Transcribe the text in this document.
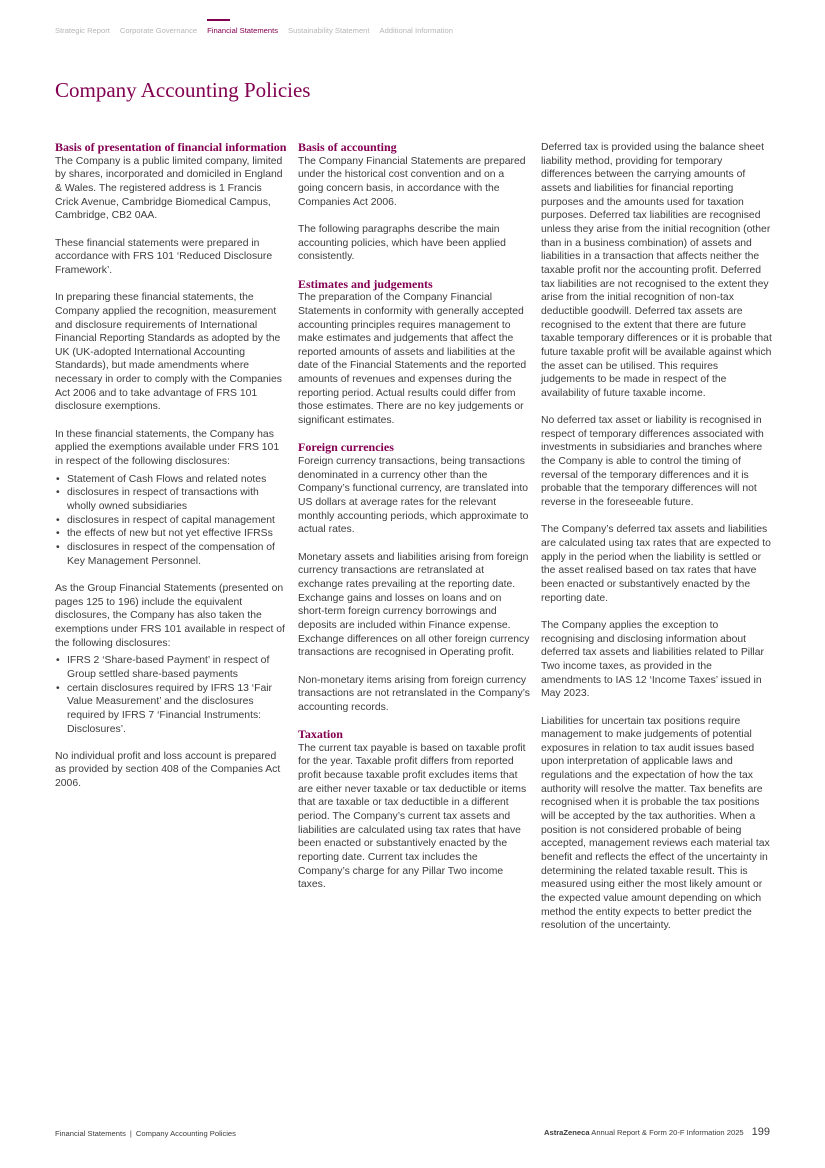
Strategic Report Corporate Governance Financial Statements Sustainability Statement Additional Information
Company Accounting Policies
Basis of presentation of financial information

The Company is a public limited company, limited by shares, incorporated and domiciled in England & Wales. The registered address is 1 Francis Crick Avenue, Cambridge Biomedical Campus, Cambridge, CB2 0AA.

These financial statements were prepared in accordance with FRS 101 ‘Reduced Disclosure Framework’.

In preparing these financial statements, the Company applied the recognition, measurement and disclosure requirements of International Financial Reporting Standards as adopted by the UK (UK-adopted International Accounting Standards), but made amendments where necessary in order to comply with the Companies Act 2006 and to take advantage of FRS 101 disclosure exemptions.

In these financial statements, the Company has applied the exemptions available under FRS 101 in respect of the following disclosures:

• Statement of Cash Flows and related notes
• disclosures in respect of transactions with wholly owned subsidiaries
• disclosures in respect of capital management
• the effects of new but not yet effective IFRSs
• disclosures in respect of the compensation of Key Management Personnel.

As the Group Financial Statements (presented on pages 125 to 196) include the equivalent disclosures, the Company has also taken the exemptions under FRS 101 available in respect of the following disclosures:

• IFRS 2 ‘Share-based Payment’ in respect of Group settled share-based payments
• certain disclosures required by IFRS 13 ‘Fair Value Measurement’ and the disclosures required by IFRS 7 ‘Financial Instruments: Disclosures’.

No individual profit and loss account is prepared as provided by section 408 of the Companies Act 2006.

Basis of accounting

The Company Financial Statements are prepared under the historical cost convention and on a going concern basis, in accordance with the Companies Act 2006.

The following paragraphs describe the main accounting policies, which have been applied consistently.

Estimates and judgements

The preparation of the Company Financial Statements in conformity with generally accepted accounting principles requires management to make estimates and judgements that affect the reported amounts of assets and liabilities at the date of the Financial Statements and the reported amounts of revenues and expenses during the reporting period. Actual results could differ from those estimates. There are no key judgements or significant estimates.

Foreign currencies

Foreign currency transactions, being transactions denominated in a currency other than the Company’s functional currency, are translated into US dollars at average rates for the relevant monthly accounting periods, which approximate to actual rates.

Monetary assets and liabilities arising from foreign currency transactions are retranslated at exchange rates prevailing at the reporting date. Exchange gains and losses on loans and on short-term foreign currency borrowings and deposits are included within Finance expense. Exchange differences on all other foreign currency transactions are recognised in Operating profit.

Non-monetary items arising from foreign currency transactions are not retranslated in the Company’s accounting records.

Taxation

The current tax payable is based on taxable profit for the year. Taxable profit differs from reported profit because taxable profit excludes items that are either never taxable or tax deductible or items that are taxable or tax deductible in a different period. The Company’s current tax assets and liabilities are calculated using tax rates that have been enacted or substantively enacted by the reporting date. Current tax includes the Company’s charge for any Pillar Two income taxes.

Deferred tax is provided using the balance sheet liability method, providing for temporary differences between the carrying amounts of assets and liabilities for financial reporting purposes and the amounts used for taxation purposes. Deferred tax liabilities are recognised unless they arise from the initial recognition (other than in a business combination) of assets and liabilities in a transaction that affects neither the taxable profit nor the accounting profit. Deferred tax liabilities are not recognised to the extent they arise from the initial recognition of non-tax deductible goodwill. Deferred tax assets are recognised to the extent that there are future taxable temporary differences or it is probable that future taxable profit will be available against which the asset can be utilised. This requires judgements to be made in respect of the availability of future taxable income.

No deferred tax asset or liability is recognised in respect of temporary differences associated with investments in subsidiaries and branches where the Company is able to control the timing of reversal of the temporary differences and it is probable that the temporary differences will not reverse in the foreseeable future.

The Company’s deferred tax assets and liabilities are calculated using tax rates that are expected to apply in the period when the liability is settled or the asset realised based on tax rates that have been enacted or substantively enacted by the reporting date.

The Company applies the exception to recognising and disclosing information about deferred tax assets and liabilities related to Pillar Two income taxes, as provided in the amendments to IAS 12 ‘Income Taxes’ issued in May 2023.

Liabilities for uncertain tax positions require management to make judgements of potential exposures in relation to tax audit issues based upon interpretation of applicable laws and regulations and the expectation of how the tax authority will resolve the matter. Tax benefits are recognised when it is probable the tax positions will be accepted by the tax authorities. When a position is not considered probable of being accepted, management reviews each material tax benefit and reflects the effect of the uncertainty in determining the related taxable result. This is measured using either the most likely amount or the expected value amount depending on which method the entity expects to better predict the resolution of the uncertainty.

Financial Statements | Company Accounting Policies	AstraZeneca Annual Report & Form 20-F Information 2025 199
